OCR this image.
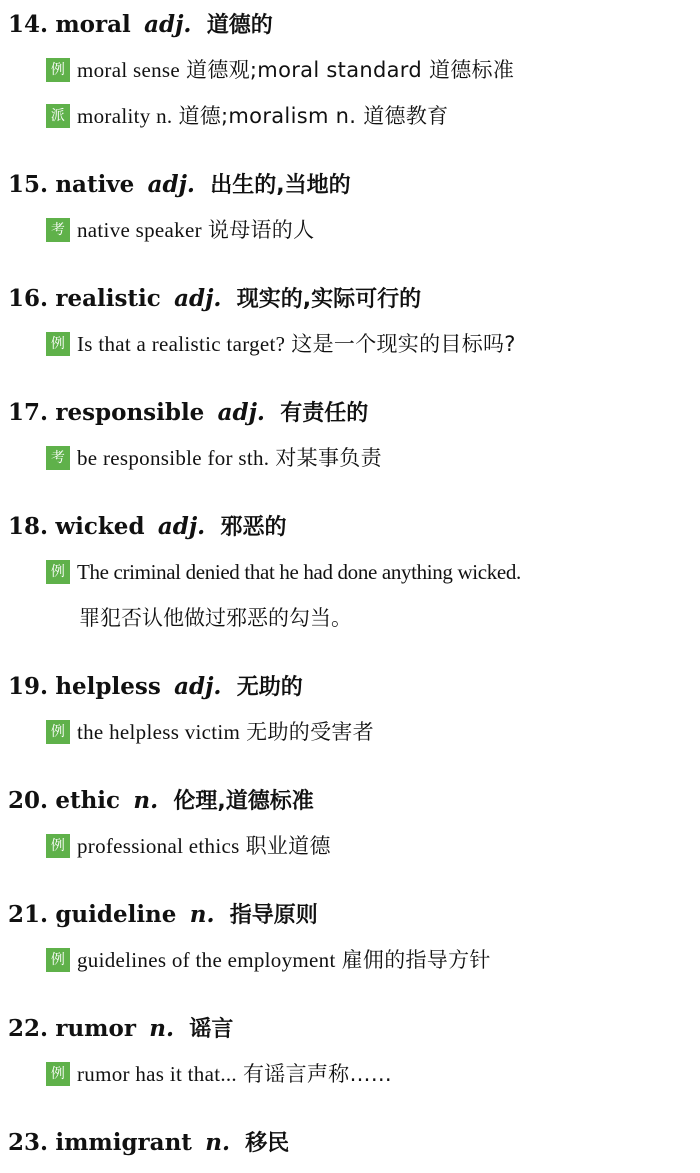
14. moral adj. 道德的
例 moral sense 道德观;moral standard 道德标准
派 morality n. 道德;moralism n. 道德教育
15. native adj. 出生的,当地的
考 native speaker 说母语的人
16. realistic adj. 现实的,实际可行的
例 Is that a realistic target? 这是一个现实的目标吗?
17. responsible adj. 有责任的
考 be responsible for sth. 对某事负责
18. wicked adj. 邪恶的
例 The criminal denied that he had done anything wicked.
罪犯否认他做过邪恶的勾当。
19. helpless adj. 无助的
例 the helpless victim 无助的受害者
20. ethic n. 伦理,道德标准
例 professional ethics 职业道德
21. guideline n. 指导原则
例 guidelines of the employment 雇佣的指导方针
22. rumor n. 谣言
例 rumor has it that... 有谣言声称……
23. immigrant n. 移民
